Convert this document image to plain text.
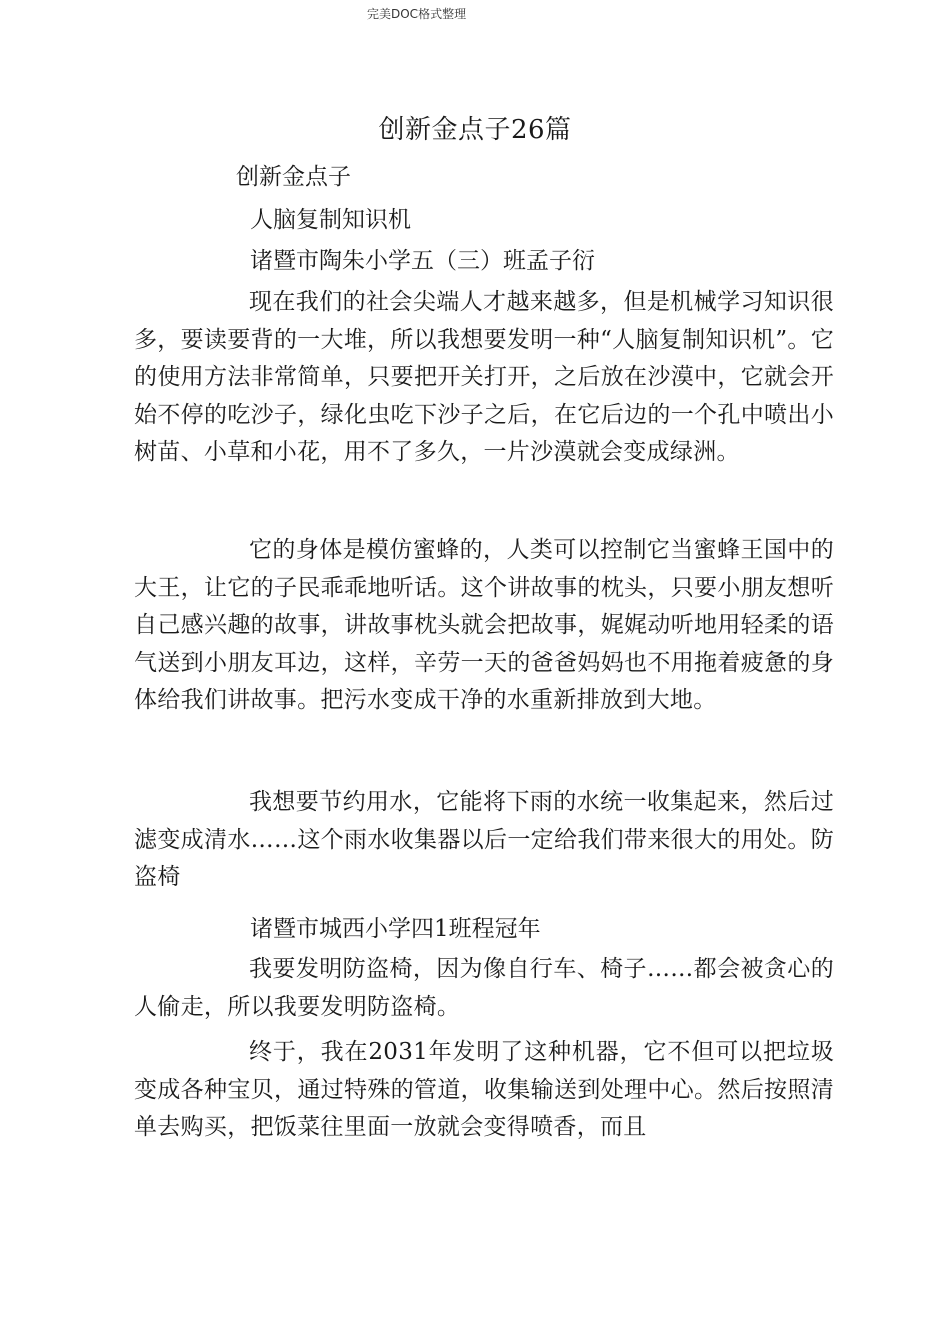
完美DOC格式整理
创新金点子26篇
创新金点子
人脑复制知识机
诸暨市陶朱小学五（三）班孟子衍
现在我们的社会尖端人才越来越多，但是机械学习知识很多，要读要背的一大堆，所以我想要发明一种“人脑复制知识机”。它的使用方法非常简单，只要把开关打开，之后放在沙漠中，它就会开始不停的吃沙子，绿化虫吃下沙子之后，在它后边的一个孔中喷出小树苗、小草和小花，用不了多久，一片沙漠就会变成绿洲。
它的身体是模仿蜜蜂的，人类可以控制它当蜜蜂王国中的大王，让它的子民乖乖地听话。这个讲故事的枕头，只要小朋友想听自己感兴趣的故事，讲故事枕头就会把故事，娓娓动听地用轻柔的语气送到小朋友耳边，这样，辛劳一天的爸爸妈妈也不用拖着疲惫的身体给我们讲故事。把污水变成干净的水重新排放到大地。
我想要节约用水，它能将下雨的水统一收集起来，然后过滤变成清水……这个雨水收集器以后一定给我们带来很大的用处。防盗椅
诸暨市城西小学四1班程冠年
我要发明防盗椅，因为像自行车、椅子……都会被贪心的人偷走，所以我要发明防盗椅。
终于，我在2031年发明了这种机器，它不但可以把垃圾变成各种宝贝，通过特殊的管道，收集输送到处理中心。然后按照清单去购买，把饭菜往里面一放就会变得喷香，而且
